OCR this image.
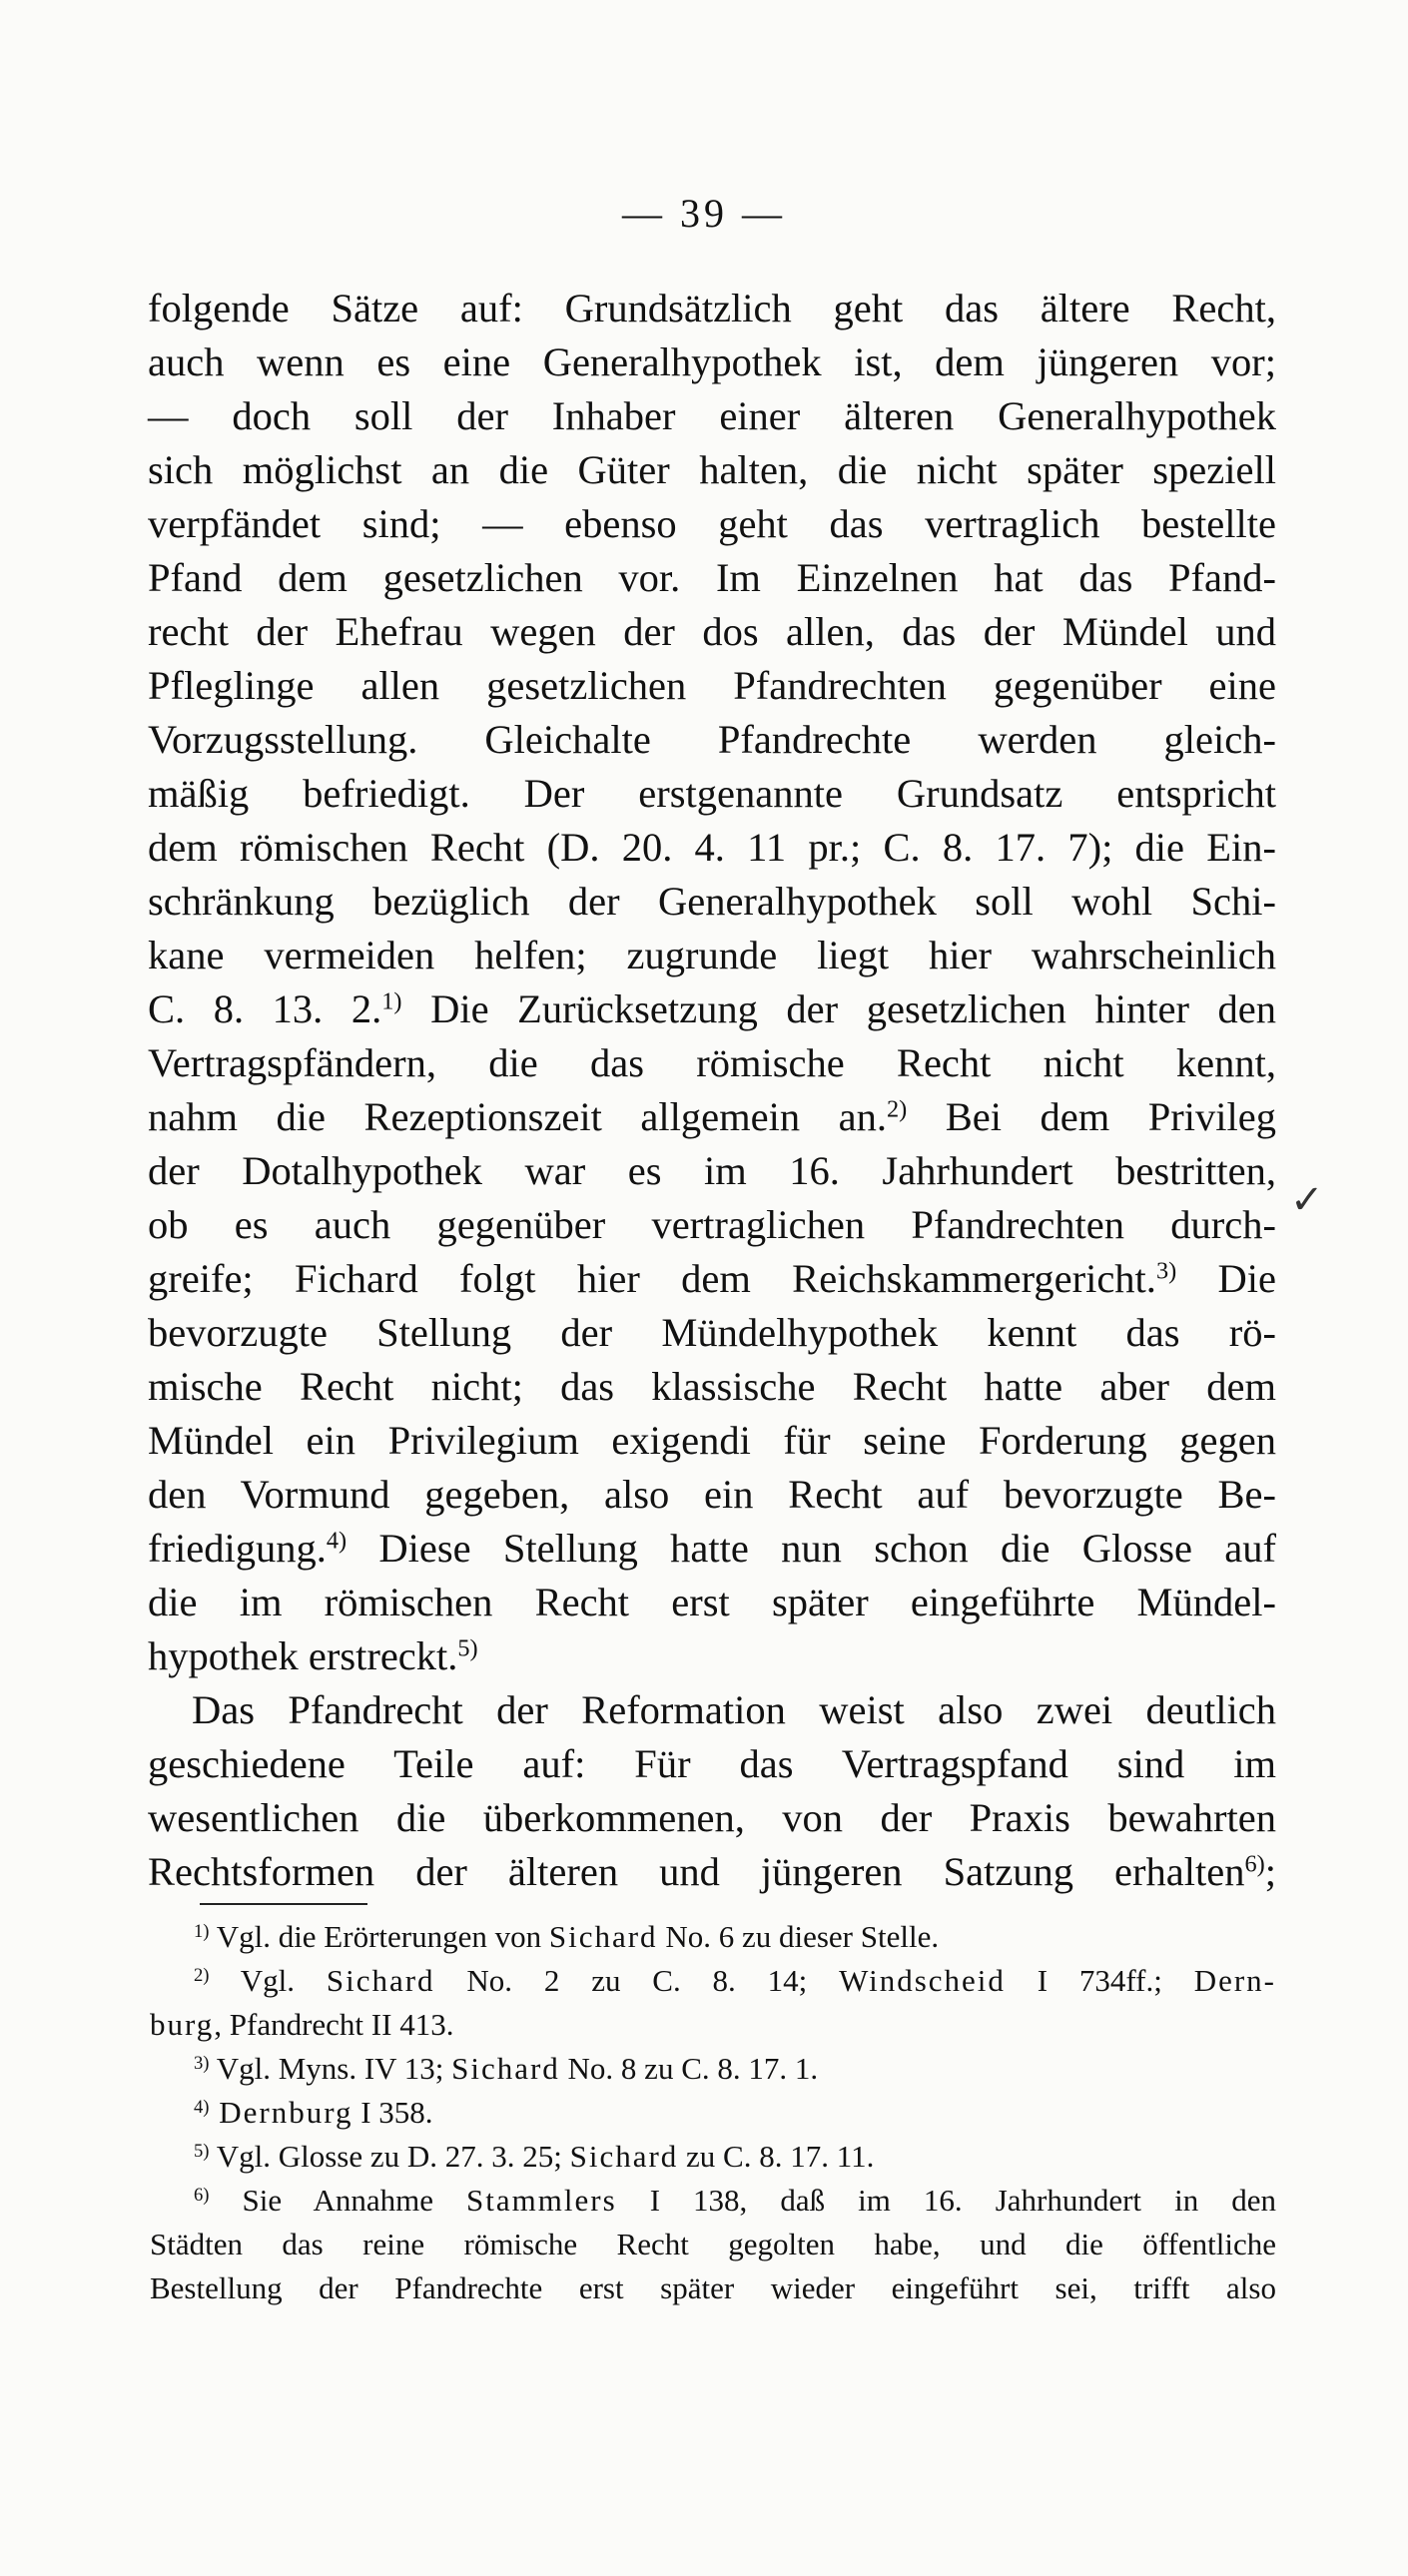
— 39 —
folgende Sätze auf: Grundsätzlich geht das ältere Recht,
auch wenn es eine Generalhypothek ist, dem jüngeren vor;
— doch soll der Inhaber einer älteren Generalhypothek
sich möglichst an die Güter halten, die nicht später speziell
verpfändet sind; — ebenso geht das vertraglich bestellte
Pfand dem gesetzlichen vor. Im Einzelnen hat das Pfand-
recht der Ehefrau wegen der dos allen, das der Mündel und
Pfleglinge allen gesetzlichen Pfandrechten gegenüber eine
Vorzugsstellung. Gleichalte Pfandrechte werden gleich-
mäßig befriedigt. Der erstgenannte Grundsatz entspricht
dem römischen Recht (D. 20. 4. 11 pr.; C. 8. 17. 7); die Ein-
schränkung bezüglich der Generalhypothek soll wohl Schi-
kane vermeiden helfen; zugrunde liegt hier wahrscheinlich
C. 8. 13. 2.$^{1)}$ Die Zurücksetzung der gesetzlichen hinter den
Vertragspfändern, die das römische Recht nicht kennt,
nahm die Rezeptionszeit allgemein an.$^{2)}$ Bei dem Privileg
der Dotalhypothek war es im 16. Jahrhundert bestritten,
ob es auch gegenüber vertraglichen Pfandrechten durch-
greife; Fichard folgt hier dem Reichskammergericht.$^{3)}$ Die
bevorzugte Stellung der Mündelhypothek kennt das rö-
mische Recht nicht; das klassische Recht hatte aber dem
Mündel ein Privilegium exigendi für seine Forderung gegen
den Vormund gegeben, also ein Recht auf bevorzugte Be-
friedigung.$^{4)}$ Diese Stellung hatte nun schon die Glosse auf
die im römischen Recht erst später eingeführte Mündel-
hypothek erstreckt.$^{5)}$
Das Pfandrecht der Reformation weist also zwei deutlich
geschiedene Teile auf: Für das Vertragspfand sind im
wesentlichen die überkommenen, von der Praxis bewahrten
Rechtsformen der älteren und jüngeren Satzung erhalten$^{6)}$;
✓
$^{1)}$ Vgl. die Erörterungen von Sichard No. 6 zu dieser Stelle.
$^{2)}$ Vgl. Sichard No. 2 zu C. 8. 14; Windscheid I 734ff.; Dern-
burg, Pfandrecht II 413.
$^{3)}$ Vgl. Myns. IV 13; Sichard No. 8 zu C. 8. 17. 1.
$^{4)}$ Dernburg I 358.
$^{5)}$ Vgl. Glosse zu D. 27. 3. 25; Sichard zu C. 8. 17. 11.
$^{6)}$ Sie Annahme Stammlers I 138, daß im 16. Jahrhundert in den
Städten das reine römische Recht gegolten habe, und die öffentliche
Bestellung der Pfandrechte erst später wieder eingeführt sei, trifft also
